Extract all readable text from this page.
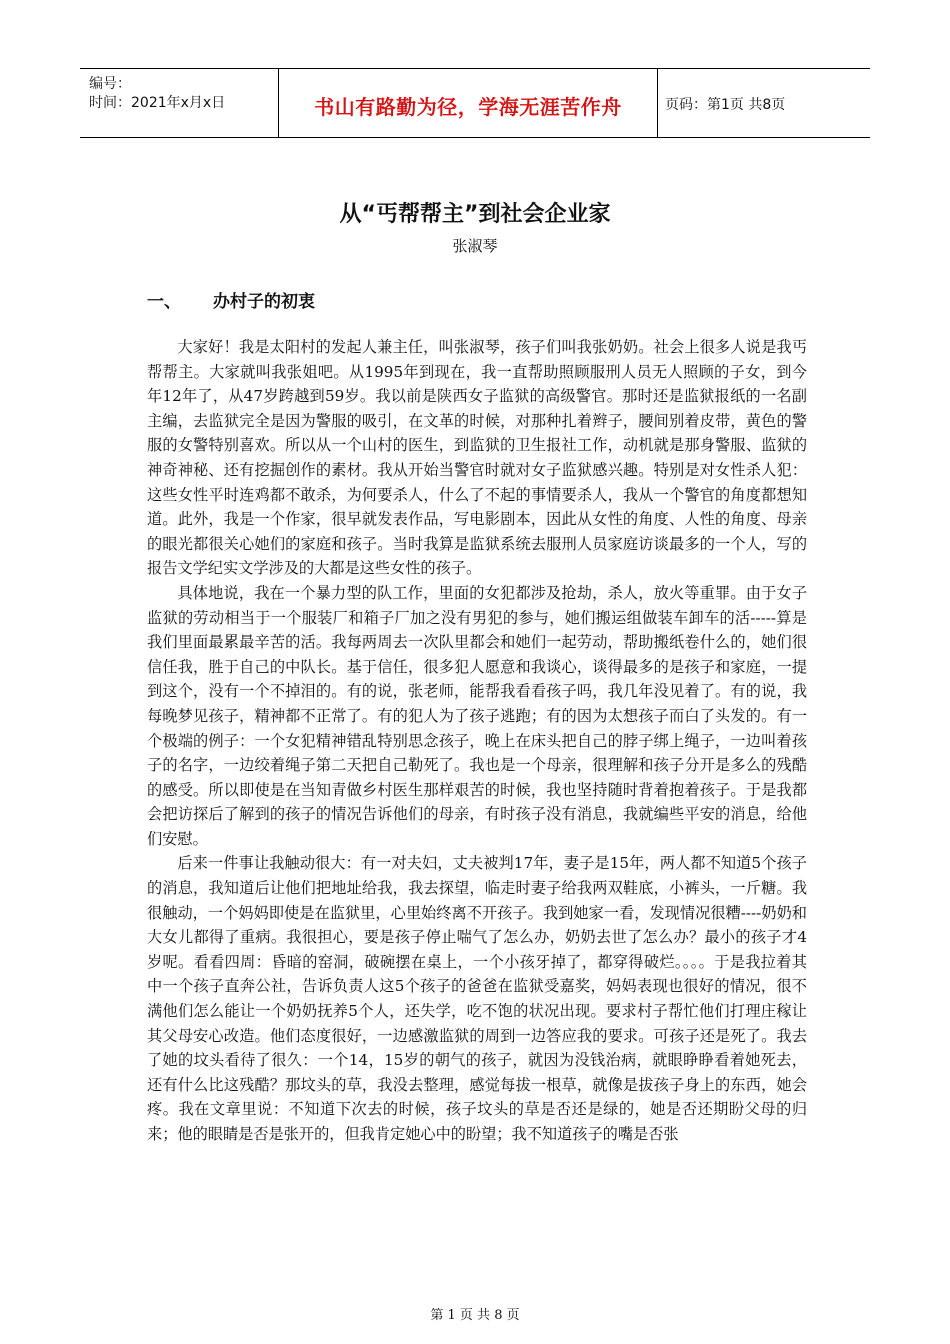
编号：
时间：2021年x月x日	书山有路勤为径，学海无涯苦作舟	页码：第1页 共8页
从“丐帮帮主”到社会企业家
张淑琴
一、 办村子的初衷

大家好！我是太阳村的发起人兼主任，叫张淑琴，孩子们叫我张奶奶。社会上很多人说是我丐帮帮主。大家就叫我张姐吧。从1995年到现在，我一直帮助照顾服刑人员无人照顾的子女，到今年12年了，从47岁跨越到59岁。我以前是陕西女子监狱的高级警官。那时还是监狱报纸的一名副主编，去监狱完全是因为警服的吸引，在文革的时候，对那种扎着辫子，腰间别着皮带，黄色的警服的女警特别喜欢。所以从一个山村的医生，到监狱的卫生报社工作，动机就是那身警服、监狱的神奇神秘、还有挖掘创作的素材。我从开始当警官时就对女子监狱感兴趣。特别是对女性杀人犯：这些女性平时连鸡都不敢杀，为何要杀人，什么了不起的事情要杀人，我从一个警官的角度都想知道。此外，我是一个作家，很早就发表作品，写电影剧本，因此从女性的角度、人性的角度、母亲的眼光都很关心她们的家庭和孩子。当时我算是监狱系统去服刑人员家庭访谈最多的一个人，写的报告文学纪实文学涉及的大都是这些女性的孩子。

具体地说，我在一个暴力型的队工作，里面的女犯都涉及抢劫，杀人，放火等重罪。由于女子监狱的劳动相当于一个服装厂和箱子厂加之没有男犯的参与，她们搬运组做装车卸车的活-----算是我们里面最累最辛苦的活。我每两周去一次队里都会和她们一起劳动，帮助搬纸卷什么的，她们很信任我，胜于自己的中队长。基于信任，很多犯人愿意和我谈心，谈得最多的是孩子和家庭，一提到这个，没有一个不掉泪的。有的说，张老师，能帮我看看孩子吗，我几年没见着了。有的说，我每晚梦见孩子，精神都不正常了。有的犯人为了孩子逃跑；有的因为太想孩子而白了头发的。有一个极端的例子：一个女犯精神错乱特别思念孩子，晚上在床头把自己的脖子绑上绳子，一边叫着孩子的名字，一边绞着绳子第二天把自己勒死了。我也是一个母亲，很理解和孩子分开是多么的残酷的感受。所以即使是在当知青做乡村医生那样艰苦的时候，我也坚持随时背着抱着孩子。于是我都会把访探后了解到的孩子的情况告诉他们的母亲，有时孩子没有消息，我就编些平安的消息，给他们安慰。

后来一件事让我触动很大：有一对夫妇，丈夫被判17年，妻子是15年，两人都不知道5个孩子的消息，我知道后让他们把地址给我，我去探望，临走时妻子给我两双鞋底，小裤头，一斤糖。我很触动，一个妈妈即使是在监狱里，心里始终离不开孩子。我到她家一看，发现情况很糟----奶奶和大女儿都得了重病。我很担心，要是孩子停止喘气了怎么办，奶奶去世了怎么办？最小的孩子才4岁呢。看看四周：昏暗的窑洞，破碗摆在桌上，一个小孩牙掉了，都穿得破烂。。。。于是我拉着其中一个孩子直奔公社，告诉负责人这5个孩子的爸爸在监狱受嘉奖，妈妈表现也很好的情况，很不满他们怎么能让一个奶奶抚养5个人，还失学，吃不饱的状况出现。要求村子帮忙他们打理庄稼让其父母安心改造。他们态度很好，一边感激监狱的周到一边答应我的要求。可孩子还是死了。我去了她的坟头看待了很久：一个14，15岁的朝气的孩子，就因为没钱治病，就眼睁睁看着她死去，还有什么比这残酷？那坟头的草，我没去整理，感觉每拔一根草，就像是拔孩子身上的东西，她会疼。我在文章里说：不知道下次去的时候，孩子坟头的草是否还是绿的，她是否还期盼父母的归来；他的眼睛是否是张开的，但我肯定她心中的盼望；我不知道孩子的嘴是否张

第 1 页 共 8 页
